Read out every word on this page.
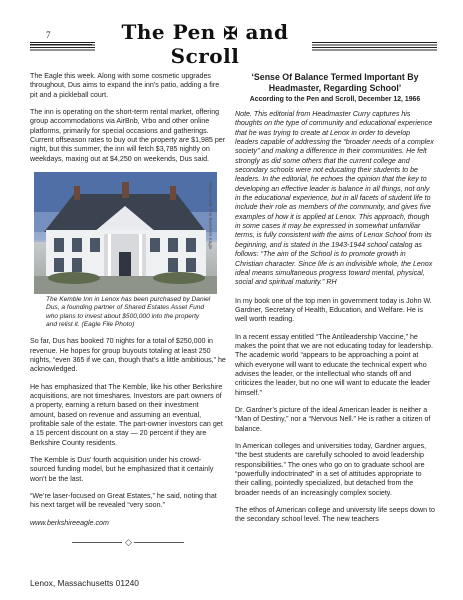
7	The Pen ✠ and Scroll

The Eagle this week. Along with some cosmetic upgrades throughout, Dus aims to expand the inn’s patio, adding a fire pit and a pickleball court.

The inn is operating on the short-term rental market, offering group accommodations via AirBnb, Vrbo and other online platforms, primarily for special occasions and gatherings. Current offseason rates to buy out the property are $1,985 per night, but this summer, the inn will fetch $3,785 nightly on weekdays, maxing out at $4,250 on weekends, Dus said.

Photo credit: The Berkshire Eagle
The Kemble Inn in Lenox has been purchased by Daniel Dus, a founding partner of Shared Estates Asset Fund who plans to invest about $500,000 into the property and relist it. (Eagle File Photo)

So far, Dus has booked 70 nights for a total of $250,000 in revenue. He hopes for group buyouts totaling at least 250 nights, “even 365 if we can, though that’s a little ambitious,” he acknowledged.

He has emphasized that The Kemble, like his other Berkshire acquisitions, are not timeshares. Investors are part owners of a property, earning a return based on their investment amount, based on revenue and assuming an eventual, profitable sale of the estate. The part-owner investors can get a 15 percent discount on a stay — 20 percent if they are Berkshire County residents.

The Kemble is Dus’ fourth acquisition under his crowd-sourced funding model, but he emphasized that it certainly won’t be the last.

“We’re laser-focused on Great Estates,” he said, noting that his next target will be revealed “very soon.”

www.berkshireeagle.com

◇
‘Sense Of Balance Termed Important By Headmaster, Regarding School’
According to the Pen and Scroll, December 12, 1966

Note. This editorial from Headmaster Curry captures his thoughts on the type of community and educational experience that he was trying to create at Lenox in order to develop leaders capable of addressing the “broader needs of a complex society” and making a difference in their communities. He felt strongly as did some others that the current college and secondary schools were not educating their students to be leaders. In the editorial, he echoes the opinion that the key to developing an effective leader is balance in all things, not only in the educational experience, but in all facets of student life to include their role as members of the community, and gives five examples of how it is applied at Lenox. This approach, though in some cases it may be expressed in somewhat unfamiliar terms, is fully consistent with the aims of Lenox School from its beginning, and is stated in the 1943-1944 school catalog as follows: “The aim of the School is to promote growth in Christian character. Since life is an indivisible whole, the Lenox ideal means simultaneous progress toward mental, physical, social and spiritual maturity.” RH

In my book one of the top men in government today is John W. Gardner, Secretary of Health, Education, and Welfare. He is well worth reading.

In a recent essay entitled “The Antileadership Vaccine,” he makes the point that we are not educating today for leadership. The academic world “appears to be approaching a point at which everyone will want to educate the technical expert who advises the leader, or the intellectual who stands off and criticizes the leader, but no one will want to educate the leader himself.”

Dr. Gardner’s picture of the ideal American leader is neither a “Man of Destiny,” nor a “Nervous Nell.” He is rather a citizen of balance.

In American colleges and universities today, Gardner argues, “the best students are carefully schooled to avoid leadership responsibilities.” The ones who go on to graduate school are “powerfully indoctrinated” in a set of attitudes appropriate to their calling, pointedly specialized, but detached from the broader needs of an increasingly complex society.

The ethos of American college and university life seeps down to the secondary school level. The new teachers

Lenox, Massachusetts 01240
